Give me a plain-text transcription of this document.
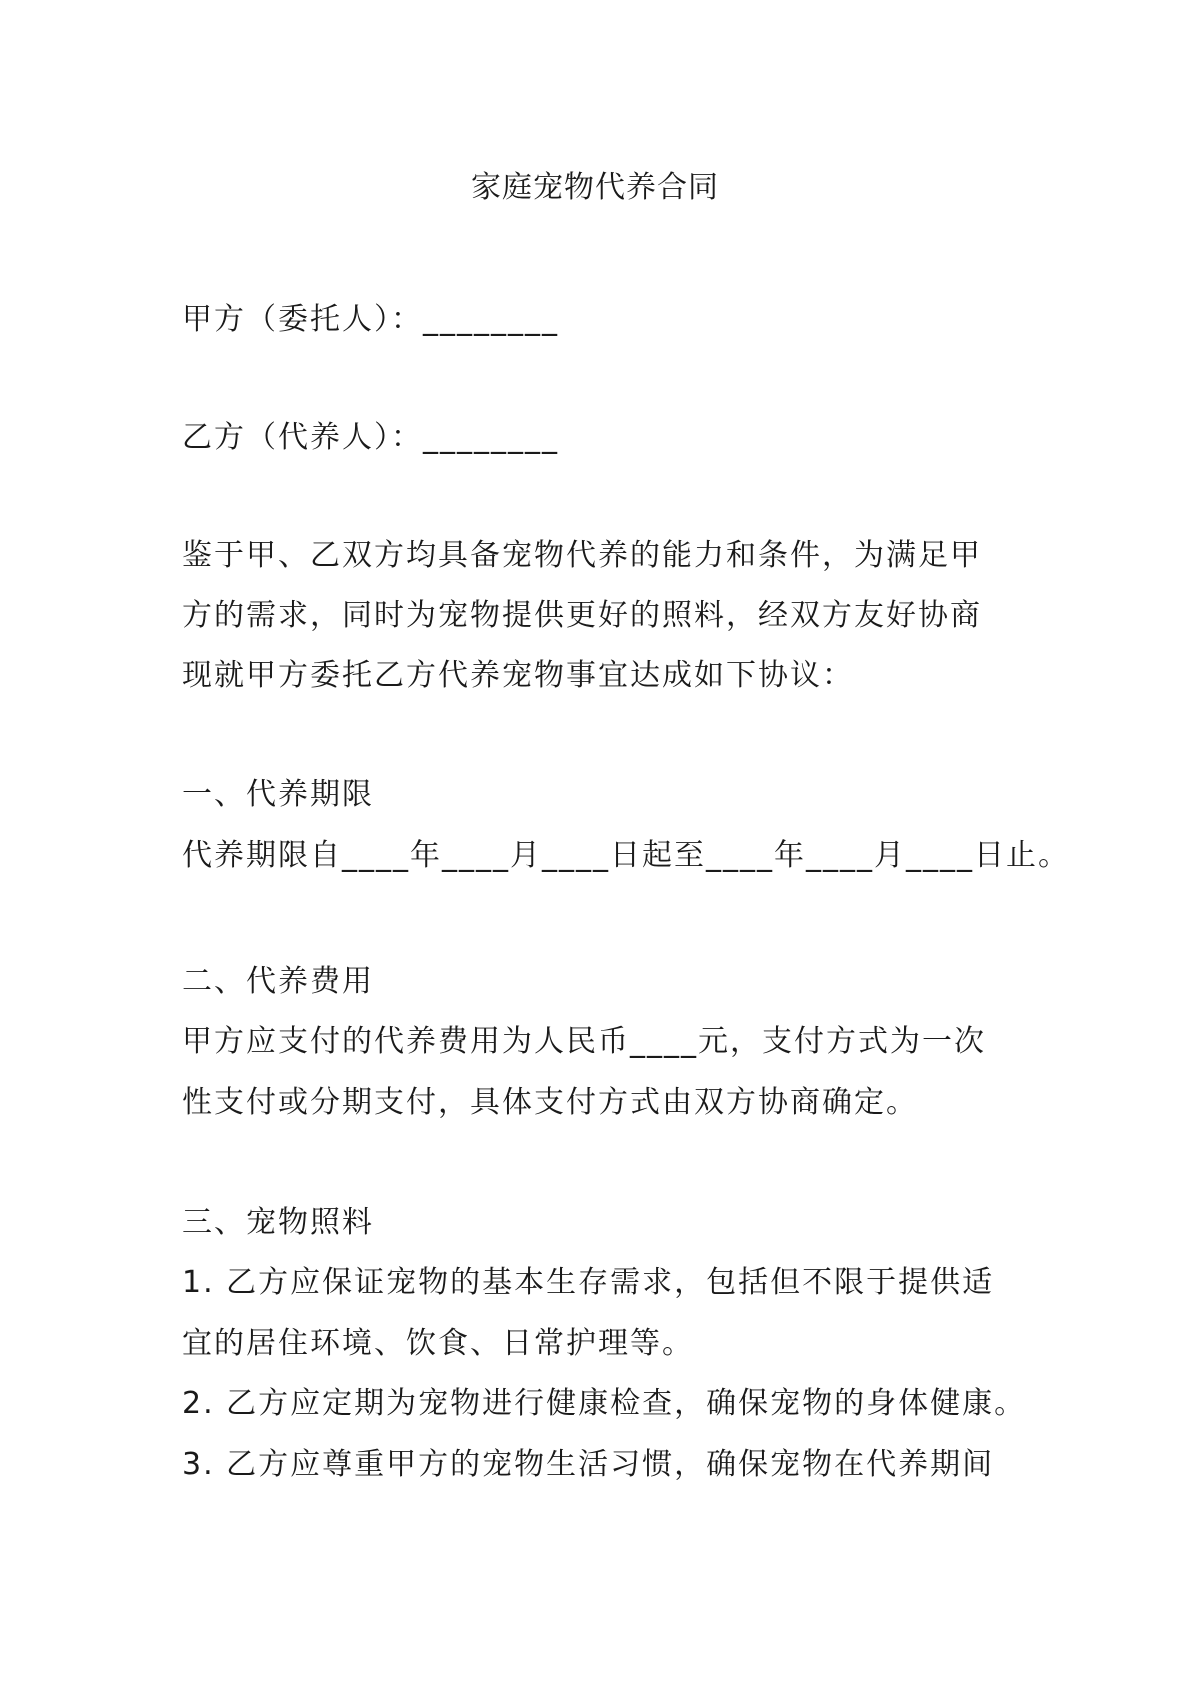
家庭宠物代养合同
甲方（委托人）：________
乙方（代养人）：________
鉴于甲、乙双方均具备宠物代养的能力和条件，为满足甲
方的需求，同时为宠物提供更好的照料，经双方友好协商
现就甲方委托乙方代养宠物事宜达成如下协议：
一、代养期限
代养期限自____年____月____日起至____年____月____日止。
二、代养费用
甲方应支付的代养费用为人民币____元，支付方式为一次
性支付或分期支付，具体支付方式由双方协商确定。
三、宠物照料
1. 乙方应保证宠物的基本生存需求，包括但不限于提供适
宜的居住环境、饮食、日常护理等。
2. 乙方应定期为宠物进行健康检查，确保宠物的身体健康。
3. 乙方应尊重甲方的宠物生活习惯，确保宠物在代养期间
